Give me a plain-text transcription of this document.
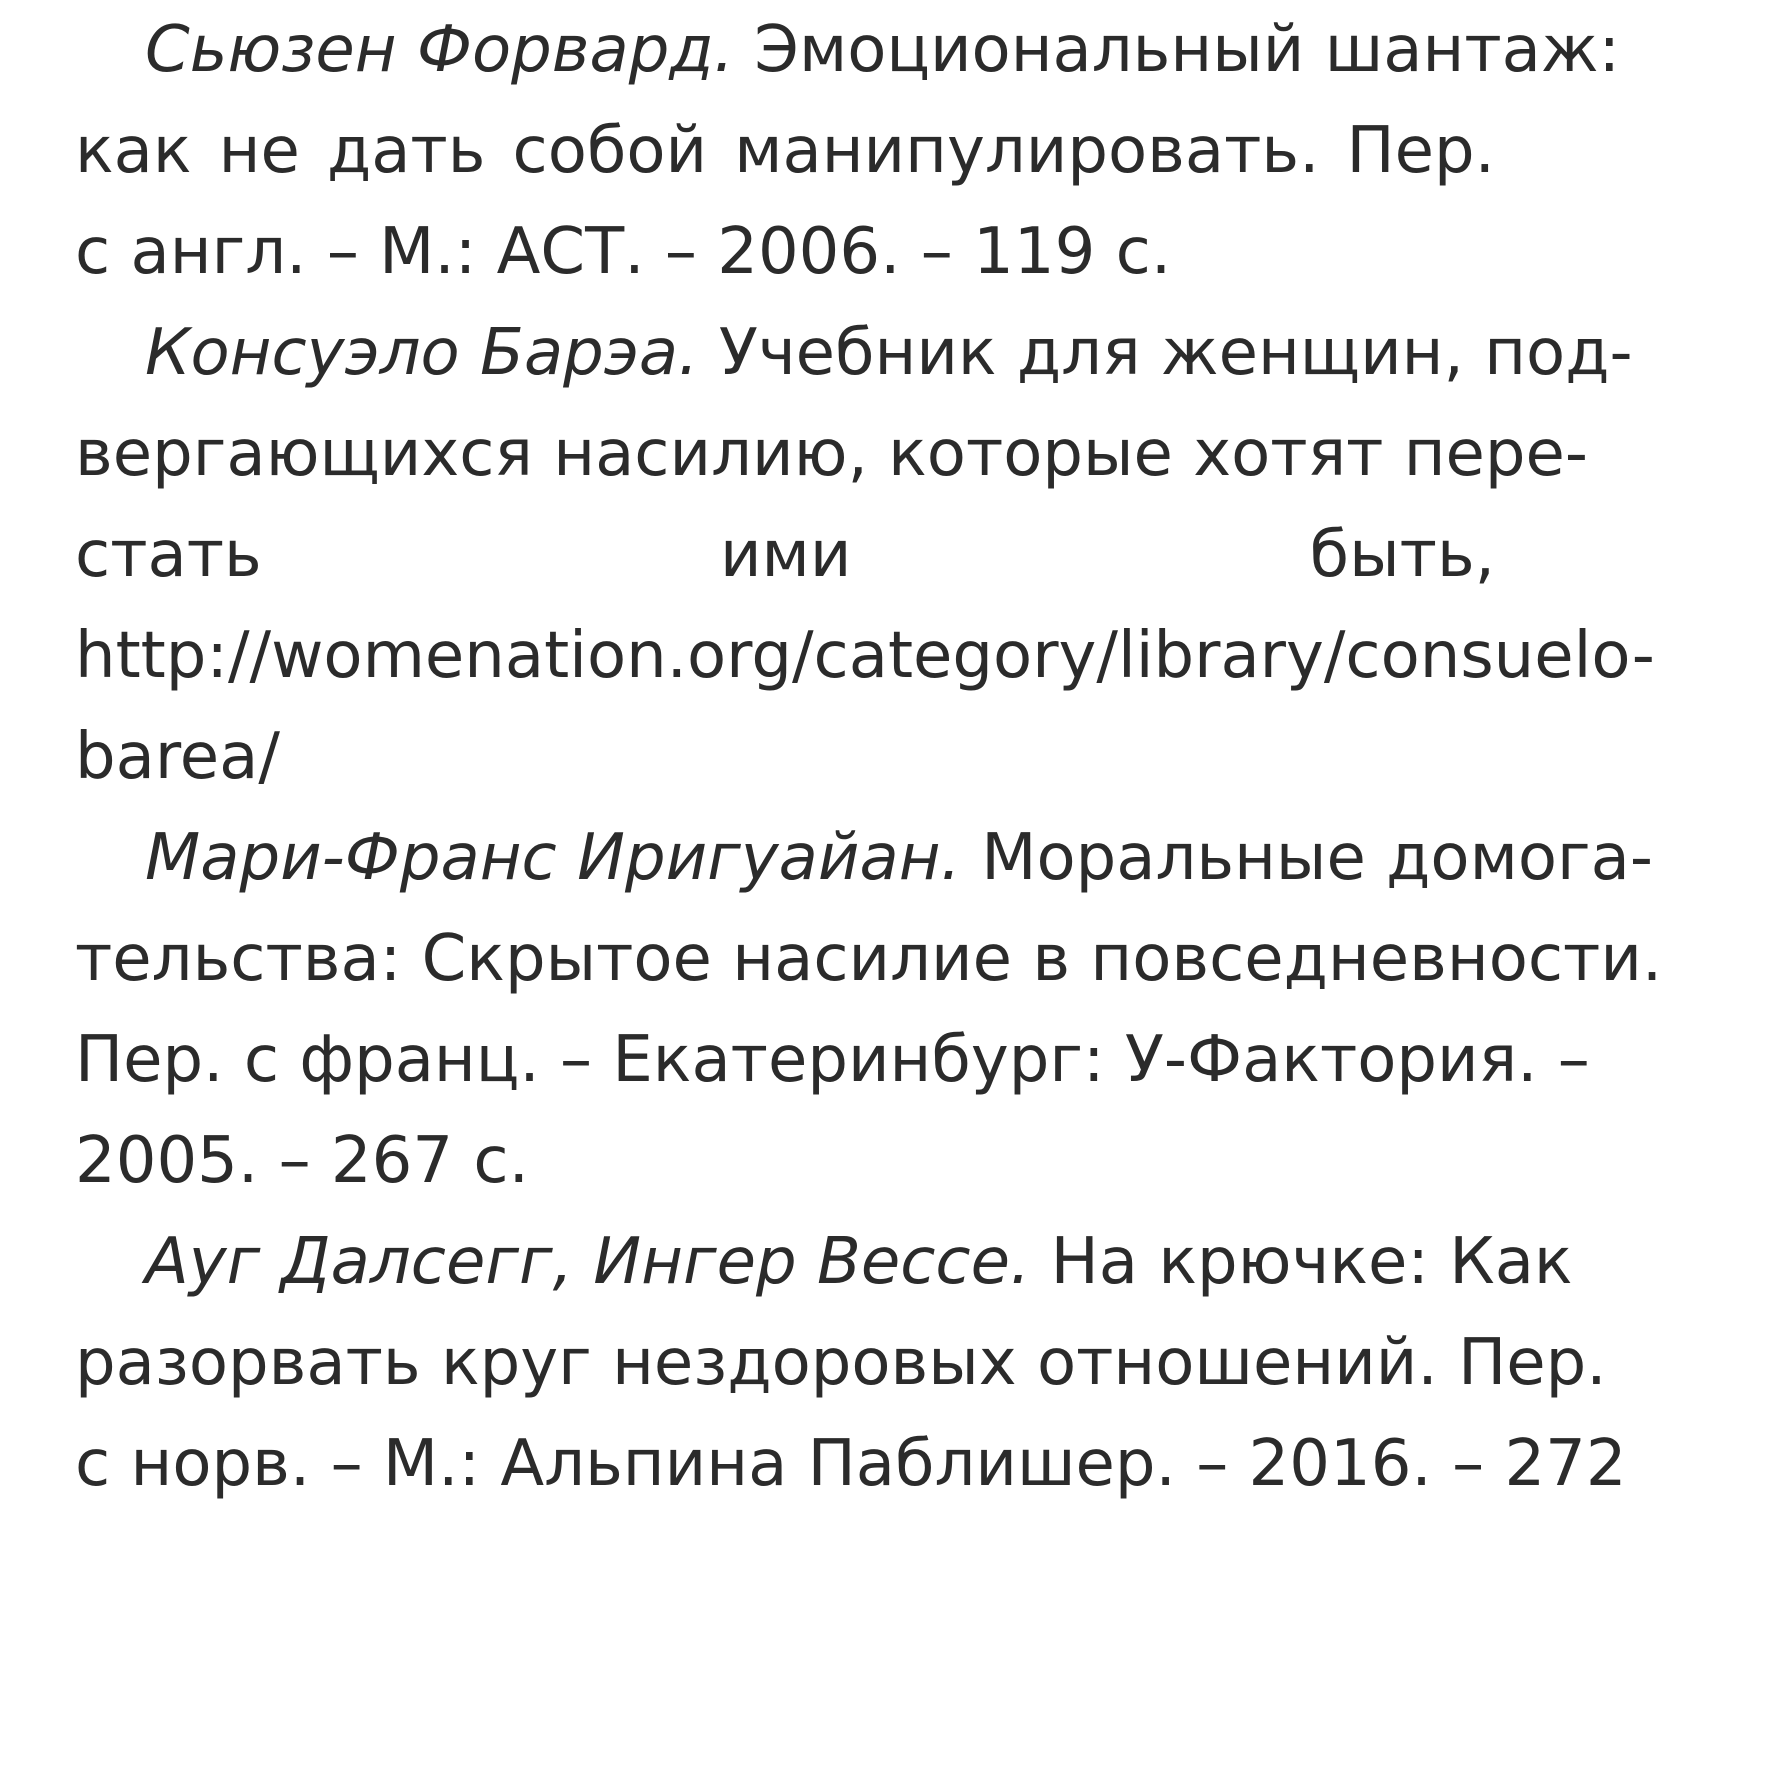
Сьюзен Форвард. Эмоциональный шантаж:
как не дать собой манипулировать. Пер.
с англ. – М.: АСТ. – 2006. – 119 с.
Консуэло Барэа. Учебник для женщин, под-
вергающихся насилию, которые хотят пере-
стать ими быть,
http://womenation.org/category/library/consuelo-
barea/
Мари-Франс Иригуайан. Моральные домога-
тельства: Скрытое насилие в повседневности.
Пер. с франц. – Екатеринбург: У-Фактория. –
2005. – 267 с.
Ауг Далсегг, Ингер Вессе. На крючке: Как
разорвать круг нездоровых отношений. Пер.
с норв. – М.: Альпина Паблишер. – 2016. – 272
